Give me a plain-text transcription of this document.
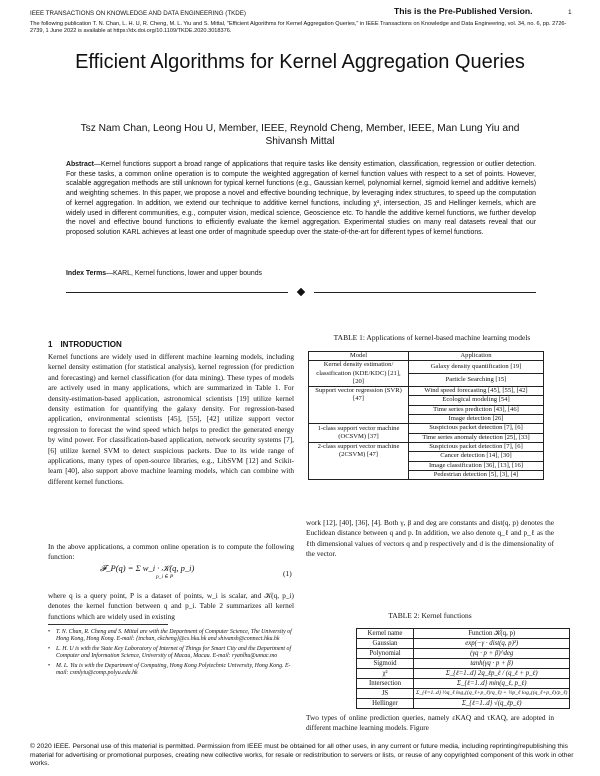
IEEE TRANSACTIONS ON KNOWLEDGE AND DATA ENGINEERING (TKDE)	This is the Pre-Published Version.	1
The following publication T. N. Chan, L. H. U, R. Cheng, M. L. Yiu and S. Mittal, "Efficient Algorithms for Kernel Aggregation Queries," in IEEE Transactions on Knowledge and Data Engineering, vol. 34, no. 6, pp. 2726-2739, 1 June 2022 is available at https://dx.doi.org/10.1109/TKDE.2020.3018376.
Efficient Algorithms for Kernel Aggregation Queries
Tsz Nam Chan, Leong Hou U, Member, IEEE, Reynold Cheng, Member, IEEE, Man Lung Yiu and Shivansh Mittal
Abstract—Kernel functions support a broad range of applications that require tasks like density estimation, classification, regression or outlier detection. For these tasks, a common online operation is to compute the weighted aggregation of kernel function values with respect to a set of points. However, scalable aggregation methods are still unknown for typical kernel functions (e.g., Gaussian kernel, polynomial kernel, sigmoid kernel and additive kernels) and weighting schemes. In this paper, we propose a novel and effective bounding technique, by leveraging index structures, to speed up the computation of kernel aggregation. In addition, we extend our technique to additive kernel functions, including χ², intersection, JS and Hellinger kernels, which are widely used in different communities, e.g., computer vision, medical science, Geoscience etc. To handle the additive kernel functions, we further develop the novel and effective bound functions to efficiently evaluate the kernel aggregation. Experimental studies on many real datasets reveal that our proposed solution KARL achieves at least one order of magnitude speedup over the state-of-the-art for different types of kernel functions.
Index Terms—KARL, Kernel functions, lower and upper bounds
1 INTRODUCTION
Kernel functions are widely used in different machine learning models, including kernel density estimation (for statistical analysis), kernel regression (for prediction and forecasting) and kernel classification (for data mining). These types of models are actively used in many applications, which are summarized in Table 1. For density-estimation-based application, astronomical scientists [19] utilize kernel density estimation for quantifying the galaxy density. For regression-based application, environmental scientists [45], [55], [42] utilize support vector regression to forecast the wind speed which helps to predict the generated energy by wind power. For classification-based application, network security systems [7], [6] utilize kernel SVM to detect suspicious packets. Due to its wide range of applications, many types of open-source libraries, e.g., LibSVM [12] and Scikit-learn [40], also support above machine learning models, which can combine with different kernel functions.
In the above applications, a common online operation is to compute the following function:
𝓕_P(q) = Σ w_i · 𝒦(q, p_i)
p_i ∈ P	(1)
where q is a query point, P is a dataset of points, w_i is scalar, and 𝒦(q, p_i) denotes the kernel function between q and p_i. Table 2 summarizes all kernel functions which are widely used in existing
• T. N. Chan, R. Cheng and S. Mittal are with the Department of Computer Science, The University of Hong Kong, Hong Kong. E-mail: {tnchan, ckcheng}@cs.hku.hk and shivansh@connect.hku.hk
• L. H. U is with the State Key Laboratory of Internet of Things for Smart City and the Department of Computer and Information Science, University of Macau, Macau. E-mail: ryanlhu@umac.mo
• M. L. Yiu is with the Department of Computing, Hong Kong Polytechnic University, Hong Kong. E-mail: csmlyiu@comp.polyu.edu.hk
TABLE 1: Applications of kernel-based machine learning models
Model	Application
Kernel density estimation/ classification (KDE/KDC) [21], [20]	Galaxy density quantification [19]
	Particle Searching [15]
Support vector regression (SVR) [47]	Wind speed forecasting [45], [55], [42]
	Ecological modeling [54]
	Time series prediction [43], [46]
	Image detection [26]
1-class support vector machine (OCSVM) [37]	Suspicious packet detection [7], [6]
	Time series anomaly detection [25], [33]
2-class support vector machine (2CSVM) [47]	Suspicious packet detection [7], [6]
	Cancer detection [14], [30]
	Image classification [36], [13], [16]
	Pedestrian detection [5], [3], [4]
work [12], [40], [36], [4]. Both γ, β and deg are constants and dist(q, p) denotes the Euclidean distance between q and p. In addition, we also denote q_ℓ and p_ℓ as the ℓth dimensional values of vectors q and p respectively and d is the dimensionality of the vector.
TABLE 2: Kernel functions
Kernel name	Function 𝒦(q, p)
Gaussian	exp(−γ · dist(q, p)²)
Polynomial	(γq · p + β)^deg
Sigmoid	tanh(γq · p + β)
χ²	Σ_{ℓ=1..d} 2q_ℓp_ℓ / (q_ℓ + p_ℓ)
Intersection	Σ_{ℓ=1..d} min(q_ℓ, p_ℓ)
JS	Σ_{ℓ=1..d} ½q_ℓ log₂((q_ℓ+p_ℓ)/q_ℓ) + ½p_ℓ log₂((q_ℓ+p_ℓ)/p_ℓ)
Hellinger	Σ_{ℓ=1..d} √(q_ℓp_ℓ)
Two types of online prediction queries, namely εKAQ and τKAQ, are adopted in different machine learning models. Figure
© 2020 IEEE. Personal use of this material is permitted. Permission from IEEE must be obtained for all other uses, in any current or future media, including reprinting/republishing this material for advertising or promotional purposes, creating new collective works, for resale or redistribution to servers or lists, or reuse of any copyrighted component of this work in other works.
